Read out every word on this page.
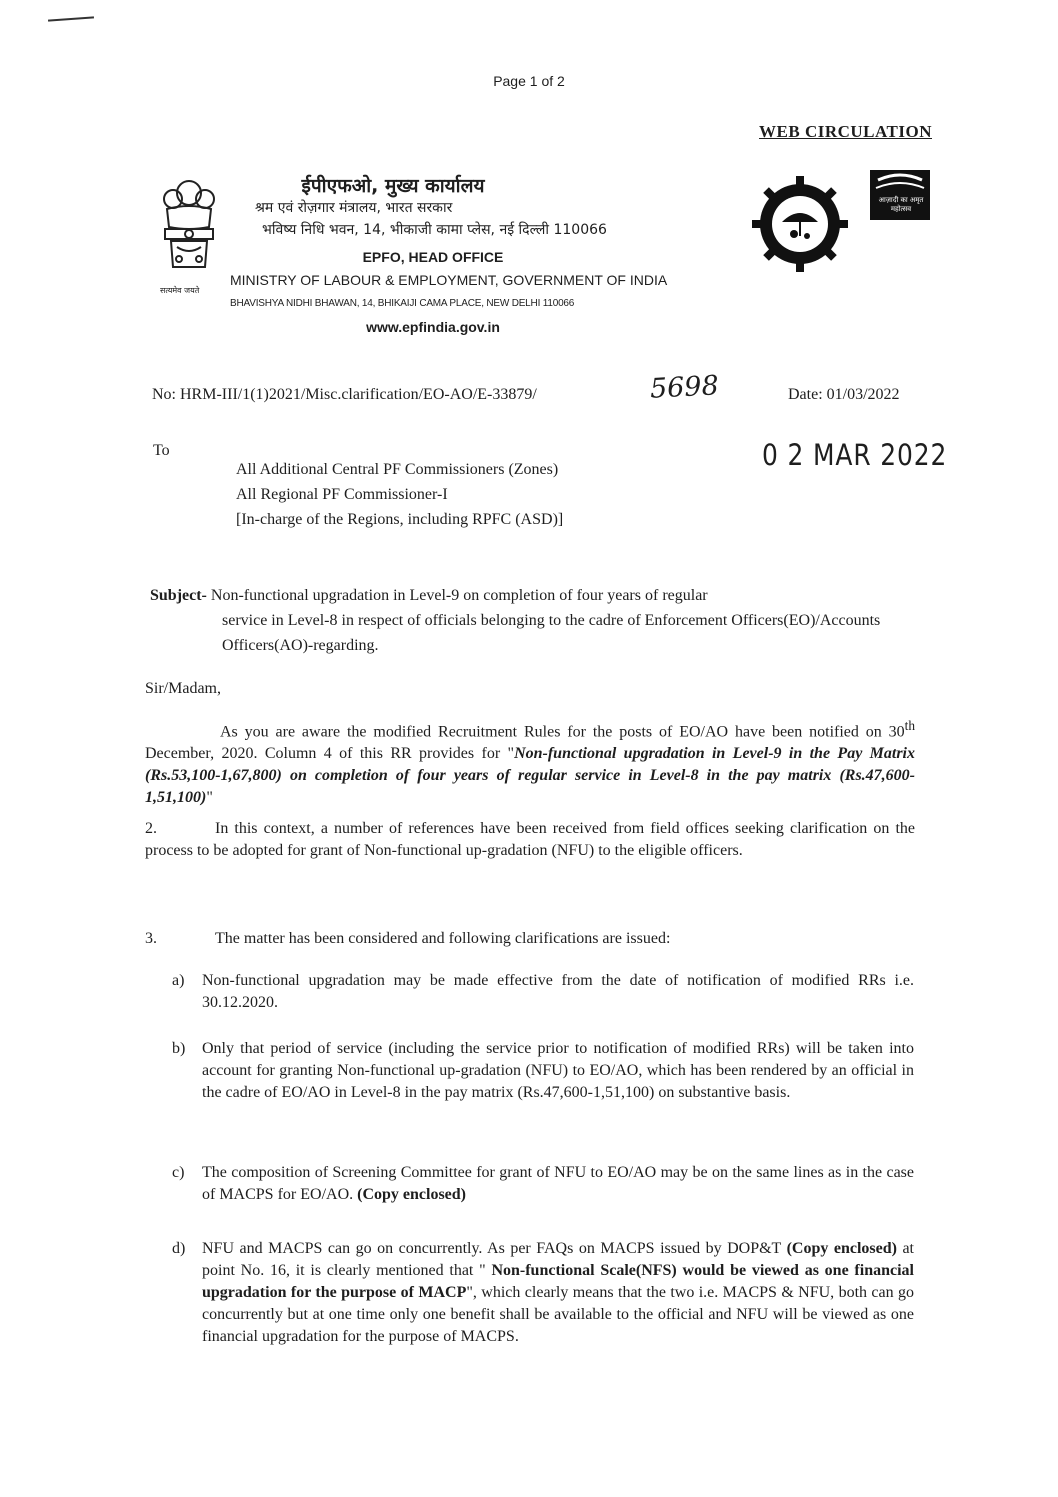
Page 1 of 2
WEB CIRCULATION
सत्यमेव जयते
आज़ादी का अमृत महोत्सव
ईपीएफओ, मुख्य कार्यालय
श्रम एवं रोज़गार मंत्रालय, भारत सरकार
भविष्य निधि भवन, 14, भीकाजी कामा प्लेस, नई दिल्ली 110066
EPFO, HEAD OFFICE
MINISTRY OF LABOUR & EMPLOYMENT, GOVERNMENT OF INDIA
BHAVISHYA NIDHI BHAWAN, 14, BHIKAIJI CAMA PLACE, NEW DELHI 110066
www.epfindia.gov.in
No: HRM-III/1(1)2021/Misc.clarification/EO-AO/E-33879/	5698	Date: 01/03/2022
0 2 MAR 2022
To
All Additional Central PF Commissioners (Zones)
All Regional PF Commissioner-I
[In-charge of the Regions, including RPFC (ASD)]
Subject- Non-functional upgradation in Level-9 on completion of four years of regular
service in Level-8 in respect of officials belonging to the cadre of Enforcement Officers(EO)/Accounts Officers(AO)-regarding.
Sir/Madam,
As you are aware the modified Recruitment Rules for the posts of EO/AO have been notified on 30th December, 2020. Column 4 of this RR provides for "Non-functional upgradation in Level-9 in the Pay Matrix (Rs.53,100-1,67,800) on completion of four years of regular service in Level-8 in the pay matrix (Rs.47,600-1,51,100)"
2.	In this context, a number of references have been received from field offices seeking clarification on the process to be adopted for grant of Non-functional up-gradation (NFU) to the eligible officers.
3.	The matter has been considered and following clarifications are issued:
a) Non-functional upgradation may be made effective from the date of notification of modified RRs i.e. 30.12.2020.
b) Only that period of service (including the service prior to notification of modified RRs) will be taken into account for granting Non-functional up-gradation (NFU) to EO/AO, which has been rendered by an official in the cadre of EO/AO in Level-8 in the pay matrix (Rs.47,600-1,51,100) on substantive basis.
c) The composition of Screening Committee for grant of NFU to EO/AO may be on the same lines as in the case of MACPS for EO/AO. (Copy enclosed)
d) NFU and MACPS can go on concurrently. As per FAQs on MACPS issued by DOP&T (Copy enclosed) at point No. 16, it is clearly mentioned that " Non-functional Scale(NFS) would be viewed as one financial upgradation for the purpose of MACP", which clearly means that the two i.e. MACPS & NFU, both can go concurrently but at one time only one benefit shall be available to the official and NFU will be viewed as one financial upgradation for the purpose of MACPS.
